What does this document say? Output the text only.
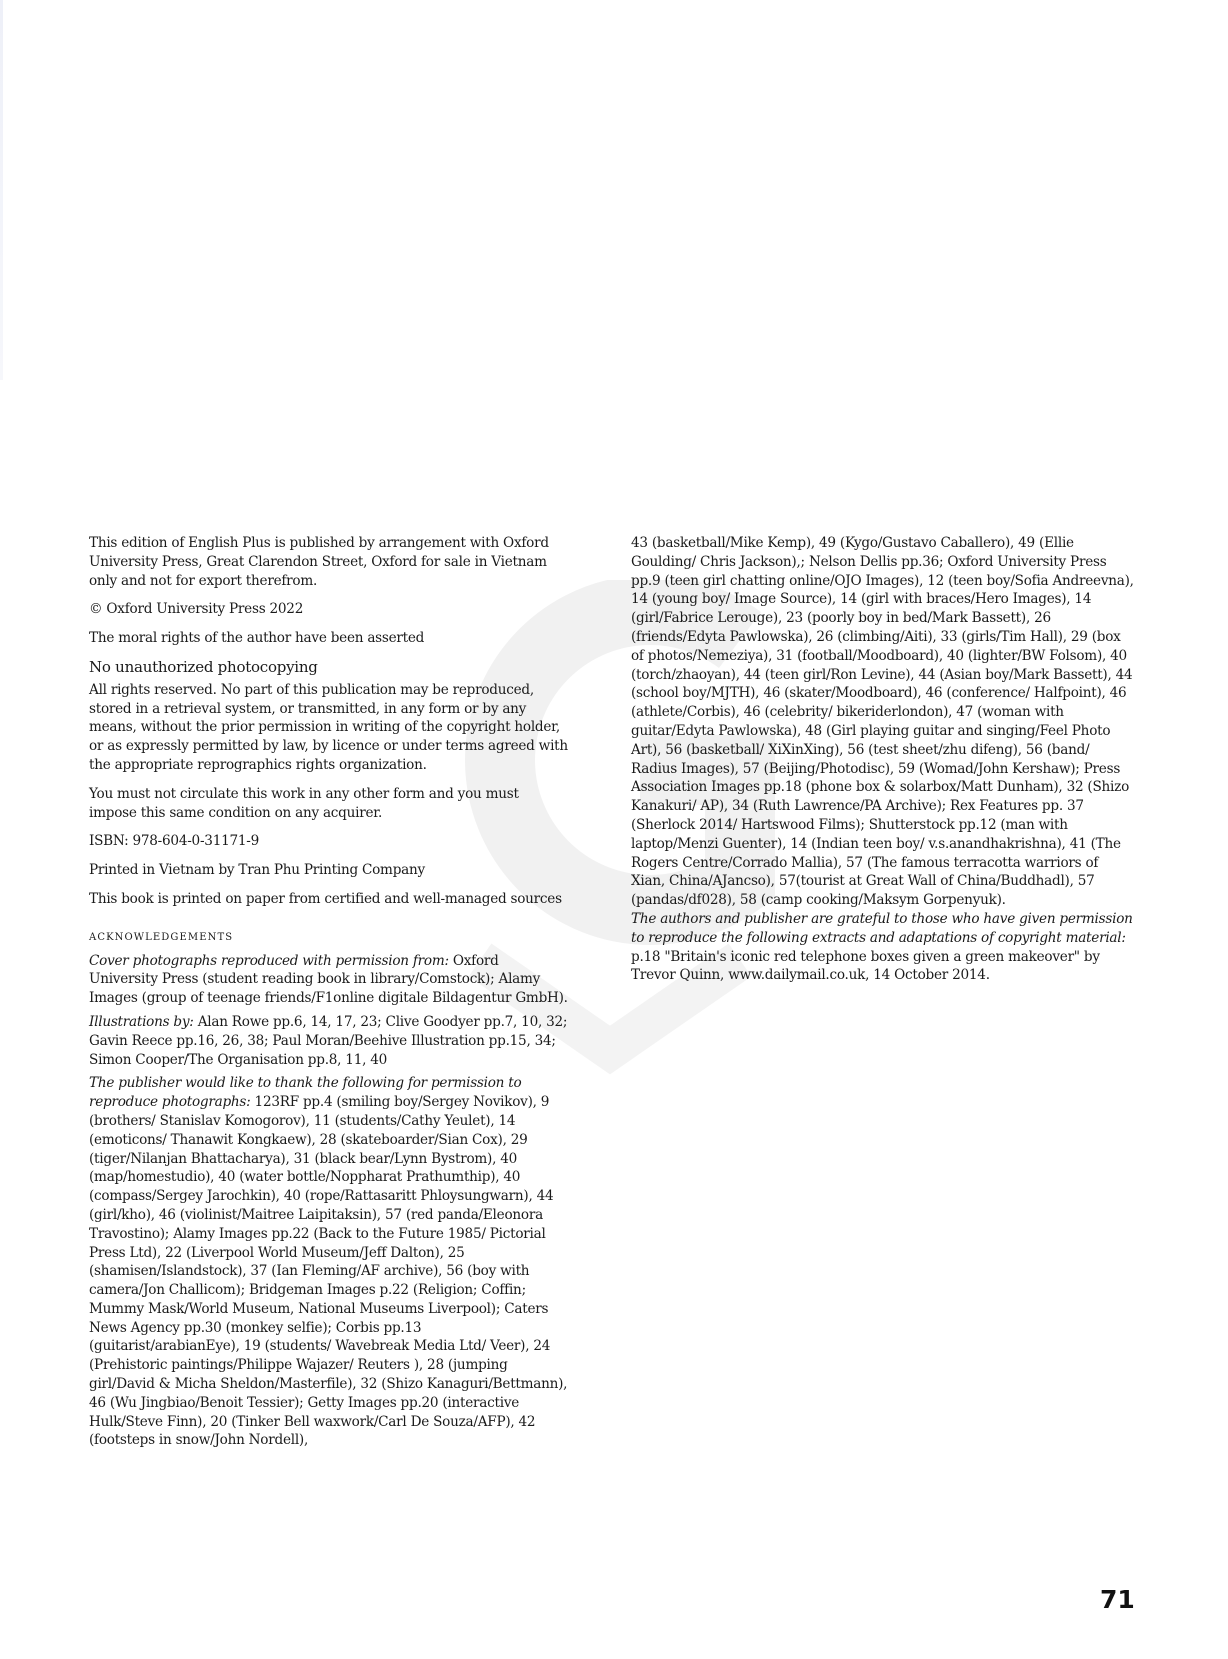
This edition of English Plus is published by arrangement with Oxford University Press, Great Clarendon Street, Oxford for sale in Vietnam only and not for export therefrom.

© Oxford University Press 2022

The moral rights of the author have been asserted

No unauthorized photocopying

All rights reserved. No part of this publication may be reproduced, stored in a retrieval system, or transmitted, in any form or by any means, without the prior permission in writing of the copyright holder, or as expressly permitted by law, by licence or under terms agreed with the appropriate reprographics rights organization.

You must not circulate this work in any other form and you must impose this same condition on any acquirer.

ISBN: 978-604-0-31171-9

Printed in Vietnam by Tran Phu Printing Company

This book is printed on paper from certified and well-managed sources

ACKNOWLEDGEMENTS

Cover photographs reproduced with permission from: Oxford University Press (student reading book in library/Comstock); Alamy Images (group of teenage friends/F1online digitale Bildagentur GmbH).

Illustrations by: Alan Rowe pp.6, 14, 17, 23; Clive Goodyer pp.7, 10, 32; Gavin Reece pp.16, 26, 38; Paul Moran/Beehive Illustration pp.15, 34; Simon Cooper/The Organisation pp.8, 11, 40

The publisher would like to thank the following for permission to reproduce photographs: 123RF pp.4 (smiling boy/Sergey Novikov), 9 (brothers/ Stanislav Komogorov), 11 (students/Cathy Yeulet), 14 (emoticons/ Thanawit Kongkaew), 28 (skateboarder/Sian Cox), 29 (tiger/Nilanjan Bhattacharya), 31 (black bear/Lynn Bystrom), 40 (map/homestudio), 40 (water bottle/Noppharat Prathumthip), 40 (compass/Sergey Jarochkin), 40 (rope/Rattasaritt Phloysungwarn), 44 (girl/kho), 46 (violinist/Maitree Laipitaksin), 57 (red panda/Eleonora Travostino); Alamy Images pp.22 (Back to the Future 1985/ Pictorial Press Ltd), 22 (Liverpool World Museum/Jeff Dalton), 25 (shamisen/Islandstock), 37 (Ian Fleming/AF archive), 56 (boy with camera/Jon Challicom); Bridgeman Images p.22 (Religion; Coffin; Mummy Mask/World Museum, National Museums Liverpool); Caters News Agency pp.30 (monkey selfie); Corbis pp.13 (guitarist/arabianEye), 19 (students/ Wavebreak Media Ltd/ Veer), 24 (Prehistoric paintings/Philippe Wajazer/ Reuters ), 28 (jumping girl/David & Micha Sheldon/Masterfile), 32 (Shizo Kanaguri/Bettmann), 46 (Wu Jingbiao/Benoit Tessier); Getty Images pp.20 (interactive Hulk/Steve Finn), 20 (Tinker Bell waxwork/Carl De Souza/AFP), 42 (footsteps in snow/John Nordell),

43 (basketball/Mike Kemp), 49 (Kygo/Gustavo Caballero), 49 (Ellie Goulding/ Chris Jackson),; Nelson Dellis pp.36; Oxford University Press pp.9 (teen girl chatting online/OJO Images), 12 (teen boy/Sofia Andreevna), 14 (young boy/ Image Source), 14 (girl with braces/Hero Images), 14 (girl/Fabrice Lerouge), 23 (poorly boy in bed/Mark Bassett), 26 (friends/Edyta Pawlowska), 26 (climbing/Aiti), 33 (girls/Tim Hall), 29 (box of photos/Nemeziya), 31 (football/Moodboard), 40 (lighter/BW Folsom), 40 (torch/zhaoyan), 44 (teen girl/Ron Levine), 44 (Asian boy/Mark Bassett), 44 (school boy/MJTH), 46 (skater/Moodboard), 46 (conference/ Halfpoint), 46 (athlete/Corbis), 46 (celebrity/ bikeriderlondon), 47 (woman with guitar/Edyta Pawlowska), 48 (Girl playing guitar and singing/Feel Photo Art), 56 (basketball/ XiXinXing), 56 (test sheet/zhu difeng), 56 (band/ Radius Images), 57 (Beijing/Photodisc), 59 (Womad/John Kershaw); Press Association Images pp.18 (phone box & solarbox/Matt Dunham), 32 (Shizo Kanakuri/ AP), 34 (Ruth Lawrence/PA Archive); Rex Features pp. 37 (Sherlock 2014/ Hartswood Films); Shutterstock pp.12 (man with laptop/Menzi Guenter), 14 (Indian teen boy/ v.s.anandhakrishna), 41 (The Rogers Centre/Corrado Mallia), 57 (The famous terracotta warriors of Xian, China/AJancso), 57(tourist at Great Wall of China/Buddhadl), 57 (pandas/df028), 58 (camp cooking/Maksym Gorpenyuk).

The authors and publisher are grateful to those who have given permission to reproduce the following extracts and adaptations of copyright material: p.18 "Britain's iconic red telephone boxes given a green makeover" by Trevor Quinn, www.dailymail.co.uk, 14 October 2014.

71
